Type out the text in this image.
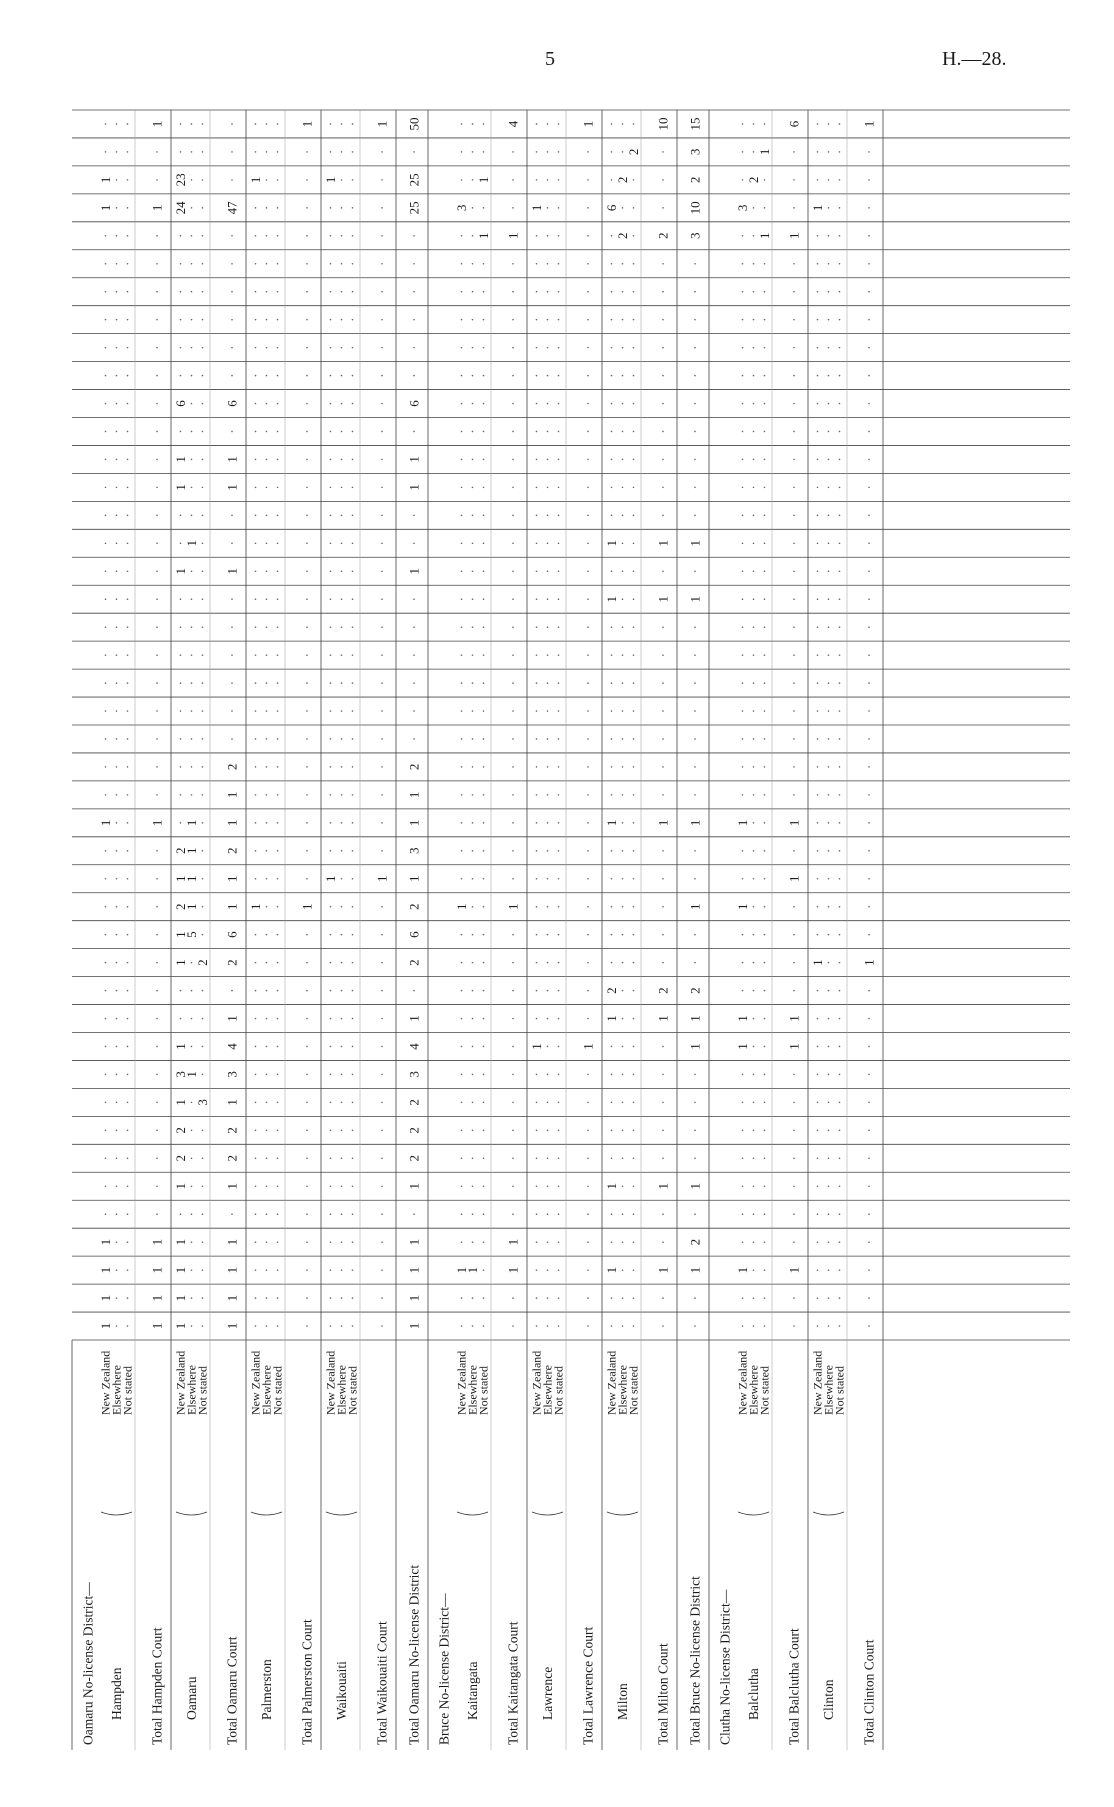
5	H.—28.
Oamaru No-license District—
1
1
1
1
1
1
1
New Zealand
Elsewhere
Not stated
Hampden
1
1
1
1
1
1
1
Total Hampden Court
1
1
1
1
1
2
2
1
3
1
1
1
2
1
2
1
1
1
6
24
23
New Zealand
1
5
1
1
1
1
1
Elsewhere
3
2
Not stated
Oamaru
1
1
1
1
1
2
2
1
3
4
1
2
6
1
1
2
1
1
2
1
1
1
6
47
Total Oamaru Court
1
1
New Zealand
Elsewhere
Not stated
Palmerston
1
1
Total Palmerston Court
1
1
New Zealand
Elsewhere
Not stated
Waikouaiti
1
1
Total Waikouaiti Court
1
1
1
1
1
2
2
2
3
4
1
2
6
2
1
3
1
1
2
1
1
1
6
25
25
50
Total Oamaru No-license District Bruce No-license District—
1
1
3
New Zealand
1
Elsewhere
1
1
Not stated
Kaitangata
1
1
1
1
4
Total Kaitangata Court
1
1
New Zealand
Elsewhere
Not stated
Lawrence
1
1
Total Lawrence Court
1
1
1
2
1
1
1
6
New Zealand
2
2
Elsewhere
2
Not stated
Milton
1
1
1
2
1
1
1
2
10
Total Milton Court
1
2
1
1
1
2
1
1
1
1
3
10
2
3
15
Total Bruce No-license District Clutha No-license District—
1
1
1
1
1
3
New Zealand
2
Elsewhere
1
1
Not stated
Balclutha
1
1
1
1
1
1
6
Total Balclutha Court
1
1
New Zealand
Elsewhere
Not stated
Clinton
1
1
Total Clinton Court
